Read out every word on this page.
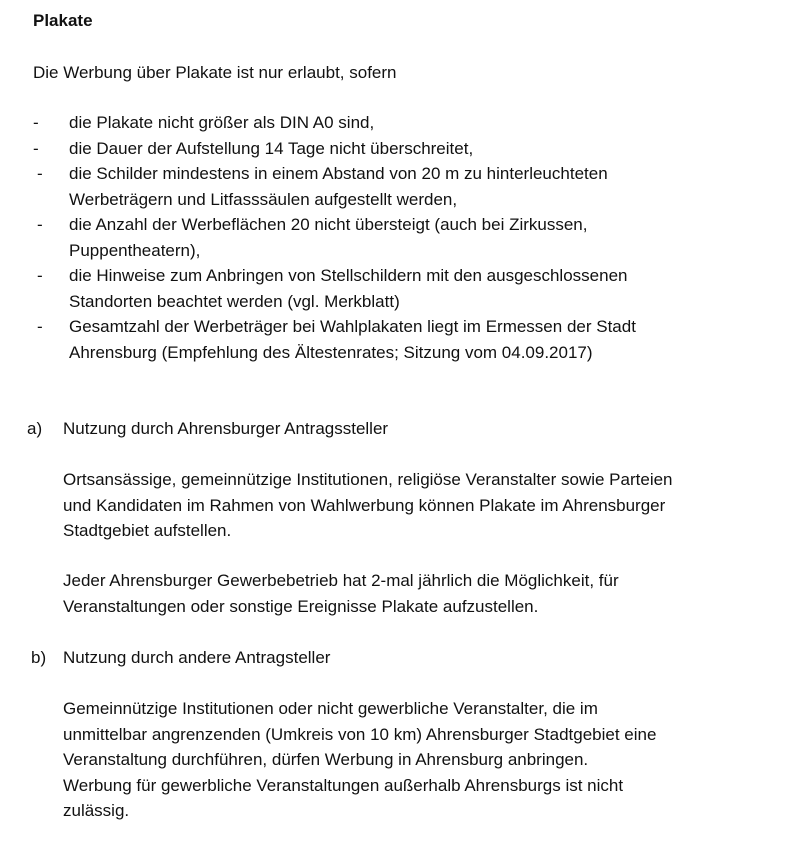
Plakate
Die Werbung über Plakate ist nur erlaubt, sofern
-	die Plakate nicht größer als DIN A0 sind,
-	die Dauer der Aufstellung 14 Tage nicht überschreitet,
-	die Schilder mindestens in einem Abstand von 20 m zu hinterleuchteten
Werbeträgern und Litfasssäulen aufgestellt werden,
-	die Anzahl der Werbeflächen 20 nicht übersteigt (auch bei Zirkussen,
Puppentheatern),
-	die Hinweise zum Anbringen von Stellschildern mit den ausgeschlossenen
Standorten beachtet werden (vgl. Merkblatt)
-	Gesamtzahl der Werbeträger bei Wahlplakaten liegt im Ermessen der Stadt
Ahrensburg (Empfehlung des Ältestenrates; Sitzung vom 04.09.2017)
a)	Nutzung durch Ahrensburger Antragssteller
Ortsansässige, gemeinnützige Institutionen, religiöse Veranstalter sowie Parteien
und Kandidaten im Rahmen von Wahlwerbung können Plakate im Ahrensburger
Stadtgebiet aufstellen.
Jeder Ahrensburger Gewerbebetrieb hat 2-mal jährlich die Möglichkeit, für
Veranstaltungen oder sonstige Ereignisse Plakate aufzustellen.
b) Nutzung durch andere Antragsteller
Gemeinnützige Institutionen oder nicht gewerbliche Veranstalter, die im
unmittelbar angrenzenden (Umkreis von 10 km) Ahrensburger Stadtgebiet eine
Veranstaltung durchführen, dürfen Werbung in Ahrensburg anbringen.
Werbung für gewerbliche Veranstaltungen außerhalb Ahrensburgs ist nicht
zulässig.
